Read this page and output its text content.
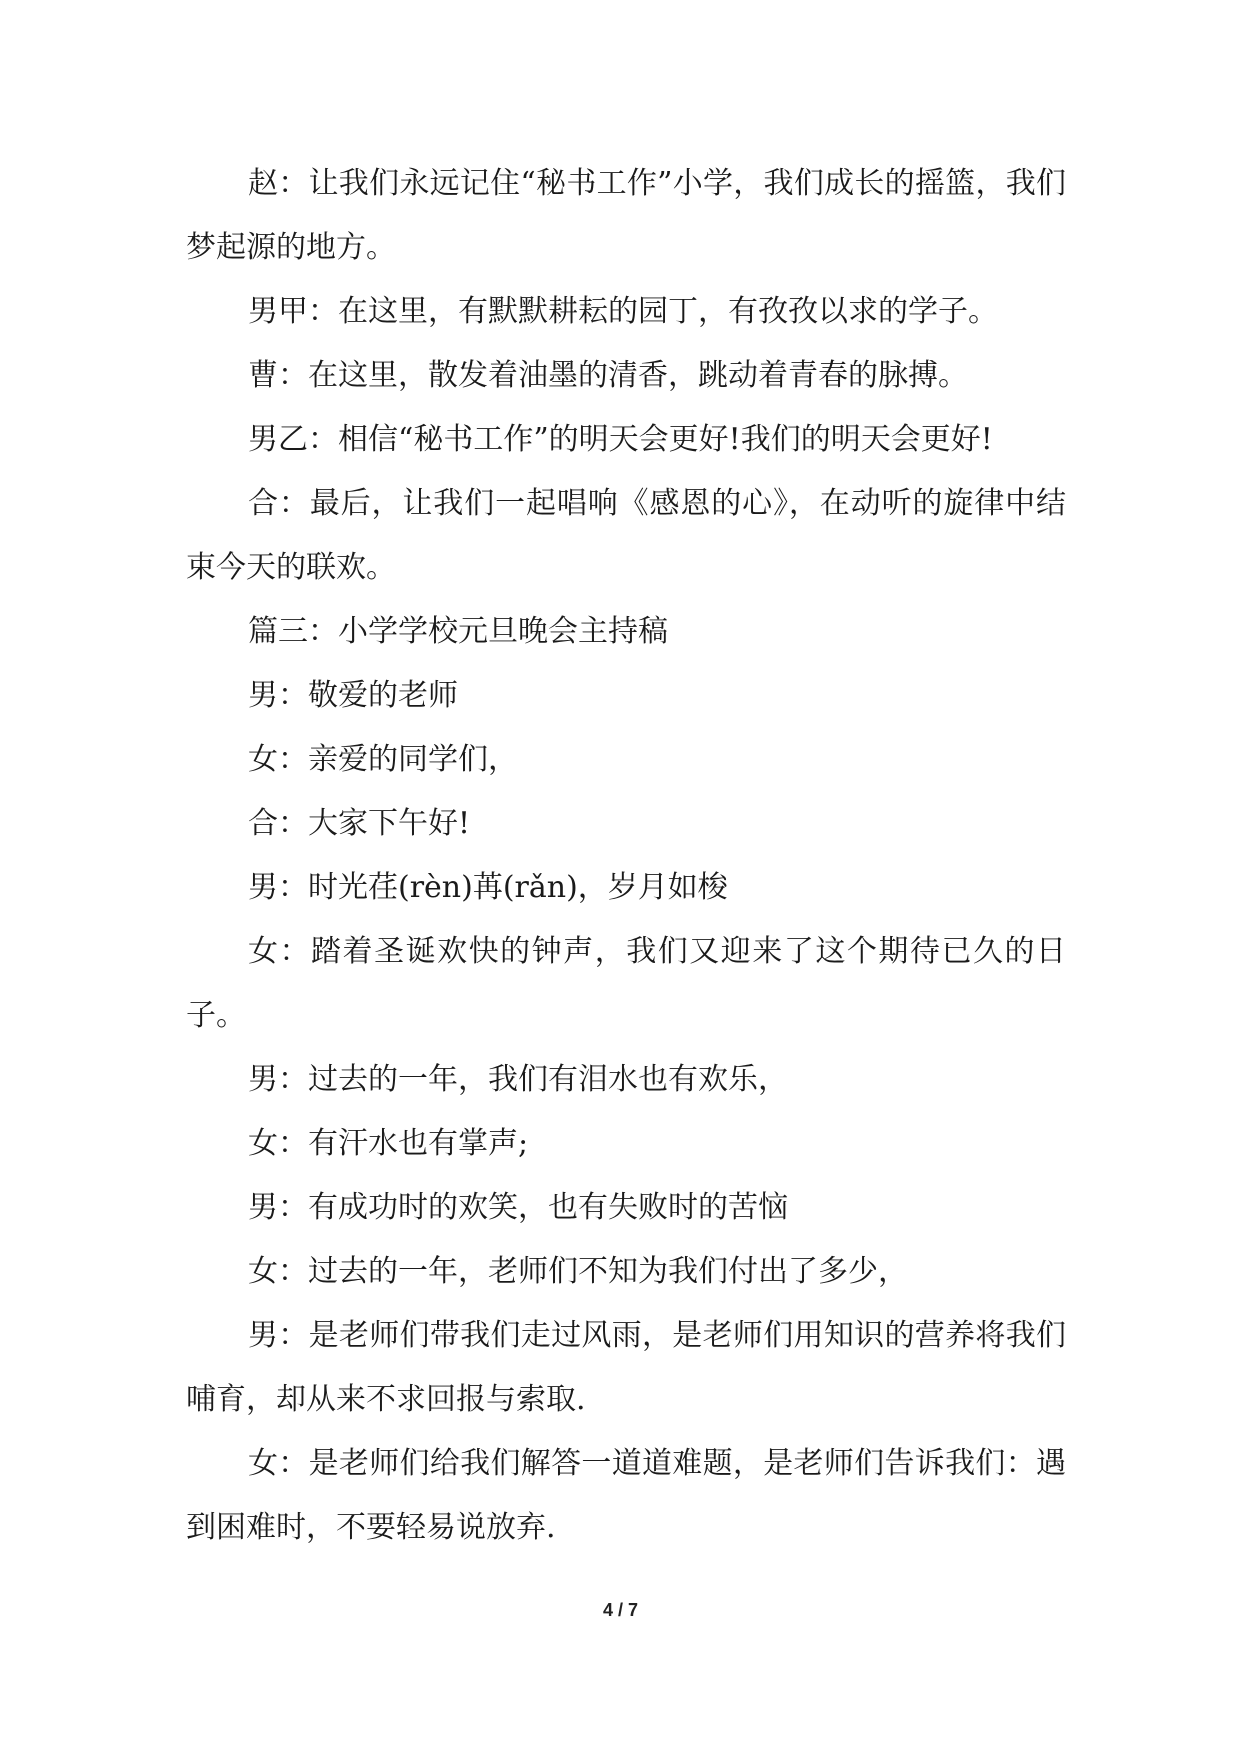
赵：让我们永远记住“秘书工作”小学，我们成长的摇篮，我们梦起源的地方。

男甲：在这里，有默默耕耘的园丁，有孜孜以求的学子。

曹：在这里，散发着油墨的清香，跳动着青春的脉搏。

男乙：相信“秘书工作”的明天会更好!我们的明天会更好!

合：最后，让我们一起唱响《感恩的心》，在动听的旋律中结束今天的联欢。

篇三：小学学校元旦晚会主持稿

男：敬爱的老师

女：亲爱的同学们，

合：大家下午好!

男：时光荏(rèn)苒(rǎn)，岁月如梭

女：踏着圣诞欢快的钟声，我们又迎来了这个期待已久的日子。

男：过去的一年，我们有泪水也有欢乐，

女：有汗水也有掌声;

男：有成功时的欢笑，也有失败时的苦恼

女：过去的一年，老师们不知为我们付出了多少，

男：是老师们带我们走过风雨，是老师们用知识的营养将我们哺育，却从来不求回报与索取.

女：是老师们给我们解答一道道难题，是老师们告诉我们：遇到困难时，不要轻易说放弃.

4 / 7
